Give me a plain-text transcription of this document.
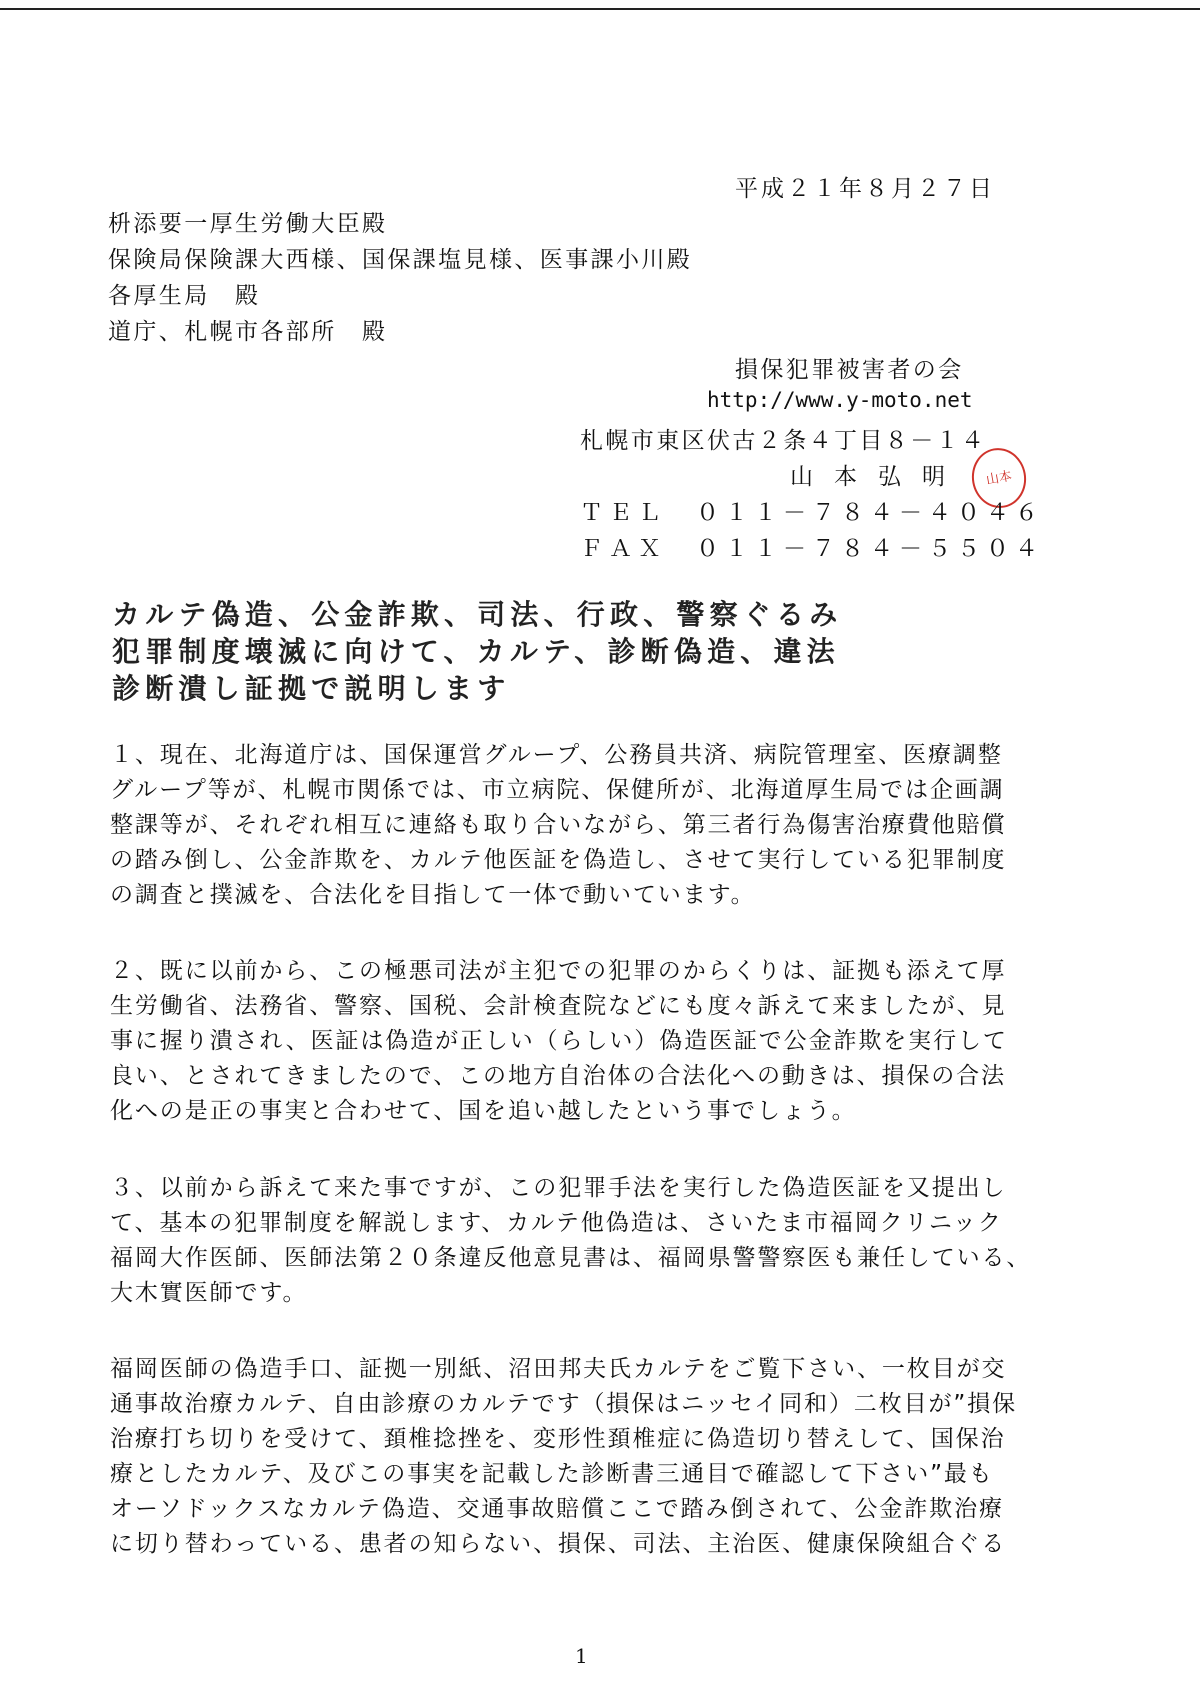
平成２１年８月２７日
枡添要一厚生労働大臣殿
保険局保険課大西様、国保課塩見様、医事課小川殿
各厚生局　殿
道庁、札幌市各部所　殿
損保犯罪被害者の会
http://www.y-moto.net
札幌市東区伏古２条４丁目８－１４
山本弘明 山本
ＴＥＬ　０１１－７８４－４０４６
ＦＡＸ　０１１－７８４－５５０４
カルテ偽造、公金詐欺、司法、行政、警察ぐるみ
犯罪制度壊滅に向けて、カルテ、診断偽造、違法
診断潰し証拠で説明します
１、現在、北海道庁は、国保運営グループ、公務員共済、病院管理室、医療調整
グループ等が、札幌市関係では、市立病院、保健所が、北海道厚生局では企画調
整課等が、それぞれ相互に連絡も取り合いながら、第三者行為傷害治療費他賠償
の踏み倒し、公金詐欺を、カルテ他医証を偽造し、させて実行している犯罪制度
の調査と撲滅を、合法化を目指して一体で動いています。
２、既に以前から、この極悪司法が主犯での犯罪のからくりは、証拠も添えて厚
生労働省、法務省、警察、国税、会計検査院などにも度々訴えて来ましたが、見
事に握り潰され、医証は偽造が正しい（らしい）偽造医証で公金詐欺を実行して
良い、とされてきましたので、この地方自治体の合法化への動きは、損保の合法
化への是正の事実と合わせて、国を追い越したという事でしょう。
３、以前から訴えて来た事ですが、この犯罪手法を実行した偽造医証を又提出し
て、基本の犯罪制度を解説します、カルテ他偽造は、さいたま市福岡クリニック
福岡大作医師、医師法第２０条違反他意見書は、福岡県警警察医も兼任している、
大木實医師です。
福岡医師の偽造手口、証拠一別紙、沼田邦夫氏カルテをご覧下さい、一枚目が交
通事故治療カルテ、自由診療のカルテです（損保はニッセイ同和）二枚目が”損保
治療打ち切りを受けて、頚椎捻挫を、変形性頚椎症に偽造切り替えして、国保治
療としたカルテ、及びこの事実を記載した診断書三通目で確認して下さい”最も
オーソドックスなカルテ偽造、交通事故賠償ここで踏み倒されて、公金詐欺治療
に切り替わっている、患者の知らない、損保、司法、主治医、健康保険組合ぐる
1
